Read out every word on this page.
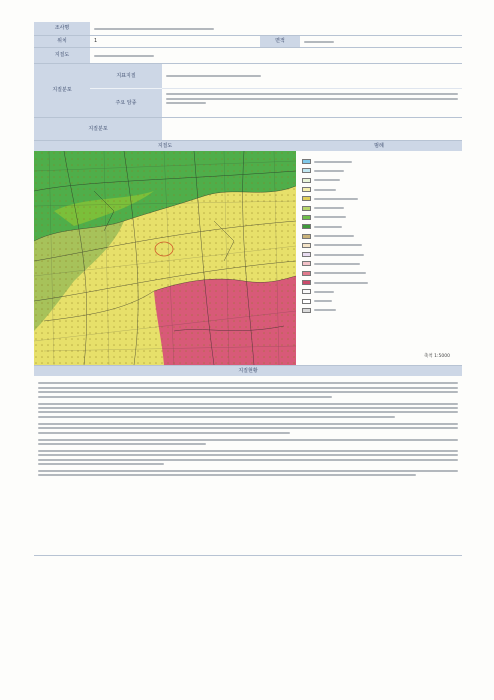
조사명
위치	1	면적
지질도
지질분포
지표지질
주요 암종
지질분포
지질도	범례
축척 1:5000
지질현황
